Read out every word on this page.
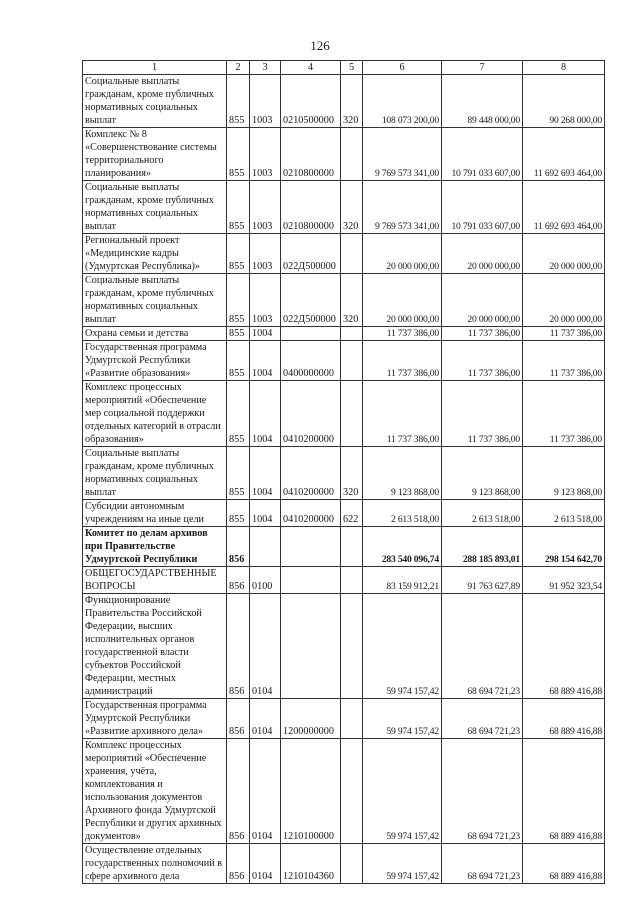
126
1	2	3	4	5	6	7	8
Социальные выплаты гражданам, кроме публичных нормативных социальных выплат	855	1003	0210500000	320	108 073 200,00	89 448 000,00	90 268 000,00
Комплекс № 8 «Совершенствование системы территориального планирования»	855	1003	0210800000		9 769 573 341,00	10 791 033 607,00	11 692 693 464,00
Социальные выплаты гражданам, кроме публичных нормативных социальных выплат	855	1003	0210800000	320	9 769 573 341,00	10 791 033 607,00	11 692 693 464,00
Региональный проект «Медицинские кадры (Удмуртская Республика)»	855	1003	022Д500000		20 000 000,00	20 000 000,00	20 000 000,00
Социальные выплаты гражданам, кроме публичных нормативных социальных выплат	855	1003	022Д500000	320	20 000 000,00	20 000 000,00	20 000 000,00
Охрана семьи и детства	855	1004			11 737 386,00	11 737 386,00	11 737 386,00
Государственная программа Удмуртской Республики «Развитие образования»	855	1004	0400000000		11 737 386,00	11 737 386,00	11 737 386,00
Комплекс процессных мероприятий «Обеспечение мер социальной поддержки отдельных категорий в отрасли образования»	855	1004	0410200000		11 737 386,00	11 737 386,00	11 737 386,00
Социальные выплаты гражданам, кроме публичных нормативных социальных выплат	855	1004	0410200000	320	9 123 868,00	9 123 868,00	9 123 868,00
Субсидии автономным учреждениям на иные цели	855	1004	0410200000	622	2 613 518,00	2 613 518,00	2 613 518,00
Комитет по делам архивов при Правительстве Удмуртской Республики	856				283 540 096,74	288 185 893,01	298 154 642,70
ОБЩЕГОСУДАРСТВЕННЫЕ ВОПРОСЫ	856	0100			83 159 912,21	91 763 627,89	91 952 323,54
Функционирование Правительства Российской Федерации, высших исполнительных органов государственной власти субъектов Российской Федерации, местных администраций	856	0104			59 974 157,42	68 694 721,23	68 889 416,88
Государственная программа Удмуртской Республики «Развитие архивного дела»	856	0104	1200000000		59 974 157,42	68 694 721,23	68 889 416,88
Комплекс процессных мероприятий «Обеспечение хранения, учёта, комплектования и использования документов Архивного фонда Удмуртской Республики и других архивных документов»	856	0104	1210100000		59 974 157,42	68 694 721,23	68 889 416,88
Осуществление отдельных государственных полномочий в сфере архивного дела	856	0104	1210104360		59 974 157,42	68 694 721,23	68 889 416,88
